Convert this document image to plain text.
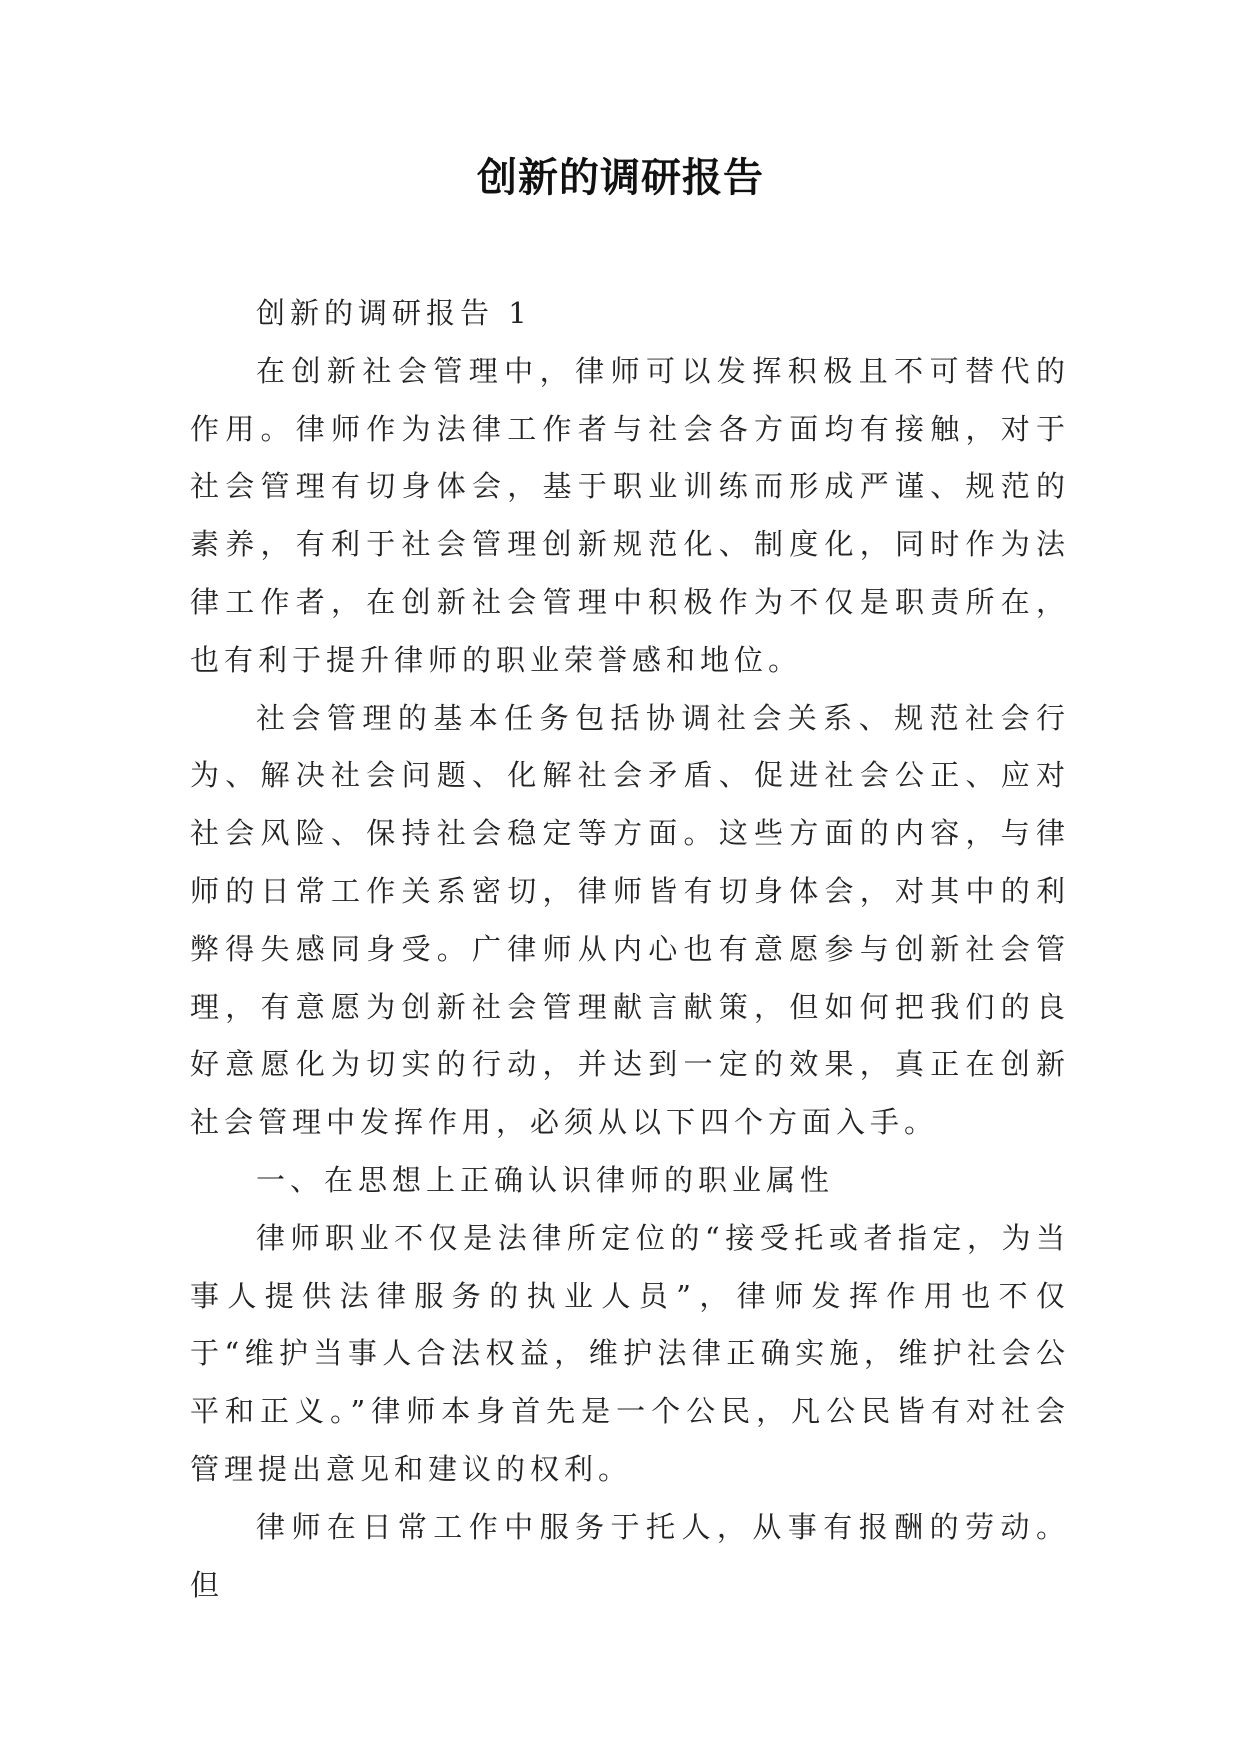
创新的调研报告

创新的调研报告 1

在创新社会管理中，律师可以发挥积极且不可替代的作用。律师作为法律工作者与社会各方面均有接触，对于社会管理有切身体会，基于职业训练而形成严谨、规范的素养，有利于社会管理创新规范化、制度化，同时作为法律工作者，在创新社会管理中积极作为不仅是职责所在，也有利于提升律师的职业荣誉感和地位。

社会管理的基本任务包括协调社会关系、规范社会行为、解决社会问题、化解社会矛盾、促进社会公正、应对社会风险、保持社会稳定等方面。这些方面的内容，与律师的日常工作关系密切，律师皆有切身体会，对其中的利弊得失感同身受。广律师从内心也有意愿参与创新社会管理，有意愿为创新社会管理献言献策，但如何把我们的良好意愿化为切实的行动，并达到一定的效果，真正在创新社会管理中发挥作用，必须从以下四个方面入手。

一、在思想上正确认识律师的职业属性

律师职业不仅是法律所定位的“接受托或者指定，为当事人提供法律服务的执业人员”，律师发挥作用也不仅于“维护当事人合法权益，维护法律正确实施，维护社会公平和正义。”律师本身首先是一个公民，凡公民皆有对社会管理提出意见和建议的权利。

律师在日常工作中服务于托人，从事有报酬的劳动。但
